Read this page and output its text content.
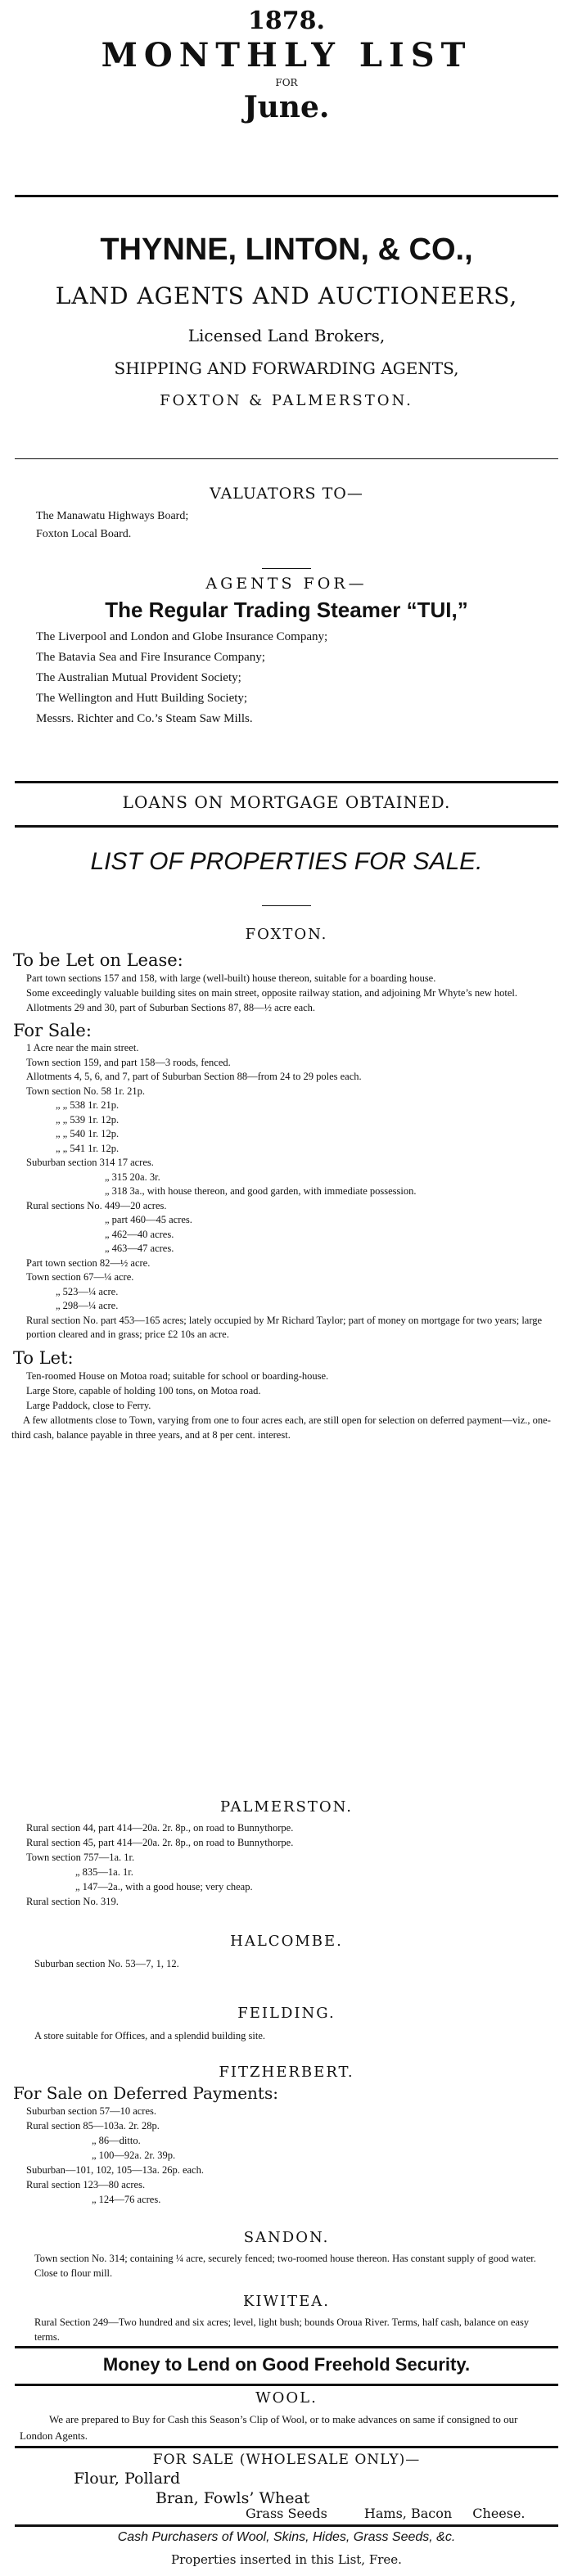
1878.
MONTHLY LIST
FOR
June.
THYNNE, LINTON, & CO.,
LAND AGENTS AND AUCTIONEERS,
Licensed Land Brokers,
SHIPPING AND FORWARDING AGENTS,
FOXTON & PALMERSTON.
VALUATORS TO—
The Manawatu Highways Board;
Foxton Local Board.
AGENTS FOR—
The Regular Trading Steamer “TUI,”
The Liverpool and London and Globe Insurance Company;
The Batavia Sea and Fire Insurance Company;
The Australian Mutual Provident Society;
The Wellington and Hutt Building Society;
Messrs. Richter and Co.’s Steam Saw Mills.
LOANS ON MORTGAGE OBTAINED.
LIST OF PROPERTIES FOR SALE.
FOXTON.
To be Let on Lease:
Part town sections 157 and 158, with large (well-built) house thereon, suitable for a boarding house.
Some exceedingly valuable building sites on main street, opposite railway station, and adjoining Mr Whyte’s new hotel.
Allotments 29 and 30, part of Suburban Sections 87, 88—½ acre each.
For Sale:
1 Acre near the main street.
Town section 159, and part 158—3 roods, fenced.
Allotments 4, 5, 6, and 7, part of Suburban Section 88—from 24 to 29 poles each.
Town section No. 58 1r. 21p.
„ „ 538 1r. 21p.
„ „ 539 1r. 12p.
„ „ 540 1r. 12p.
„ „ 541 1r. 12p.
Suburban section 314 17 acres.
„ 315 20a. 3r.
„ 318 3a., with house thereon, and good garden, with immediate possession.
Rural sections No. 449—20 acres.
„ part 460—45 acres.
„ 462—40 acres.
„ 463—47 acres.
Part town section 82—½ acre.
Town section 67—¼ acre.
„ 523—¼ acre.
„ 298—¼ acre.
Rural section No. part 453—165 acres; lately occupied by Mr Richard Taylor; part of money on mortgage for two years; large portion cleared and in grass; price £2 10s an acre.
To Let:
Ten-roomed House on Motoa road; suitable for school or boarding-house.
Large Store, capable of holding 100 tons, on Motoa road.
Large Paddock, close to Ferry.
A few allotments close to Town, varying from one to four acres each, are still open for selection on deferred payment—viz., one-third cash, balance payable in three years, and at 8 per cent. interest.
PALMERSTON.
Rural section 44, part 414—20a. 2r. 8p., on road to Bunnythorpe.
Rural section 45, part 414—20a. 2r. 8p., on road to Bunnythorpe.
Town section 757—1a. 1r.
„ 835—1a. 1r.
„ 147—2a., with a good house; very cheap.
Rural section No. 319.
HALCOMBE.
Suburban section No. 53—7, 1, 12.
FEILDING.
A store suitable for Offices, and a splendid building site.
FITZHERBERT.
For Sale on Deferred Payments:
Suburban section 57—10 acres.
Rural section 85—103a. 2r. 28p.
„ 86—ditto.
„ 100—92a. 2r. 39p.
Suburban—101, 102, 105—13a. 26p. each.
Rural section 123—80 acres.
„ 124—76 acres.
SANDON.
Town section No. 314; containing ¼ acre, securely fenced; two-roomed house thereon. Has constant supply of good water. Close to flour mill.
KIWITEA.
Rural Section 249—Two hundred and six acres; level, light bush; bounds Oroua River. Terms, half cash, balance on easy terms.
Money to Lend on Good Freehold Security.
WOOL.
We are prepared to Buy for Cash this Season’s Clip of Wool, or to make advances on same if consigned to our London Agents.
FOR SALE (WHOLESALE ONLY)—
Flour, Pollard
Bran, Fowls’ Wheat
Grass Seeds	Hams, Bacon Cheese.
Cash Purchasers of Wool, Skins, Hides, Grass Seeds, &c.
Properties inserted in this List, Free.
